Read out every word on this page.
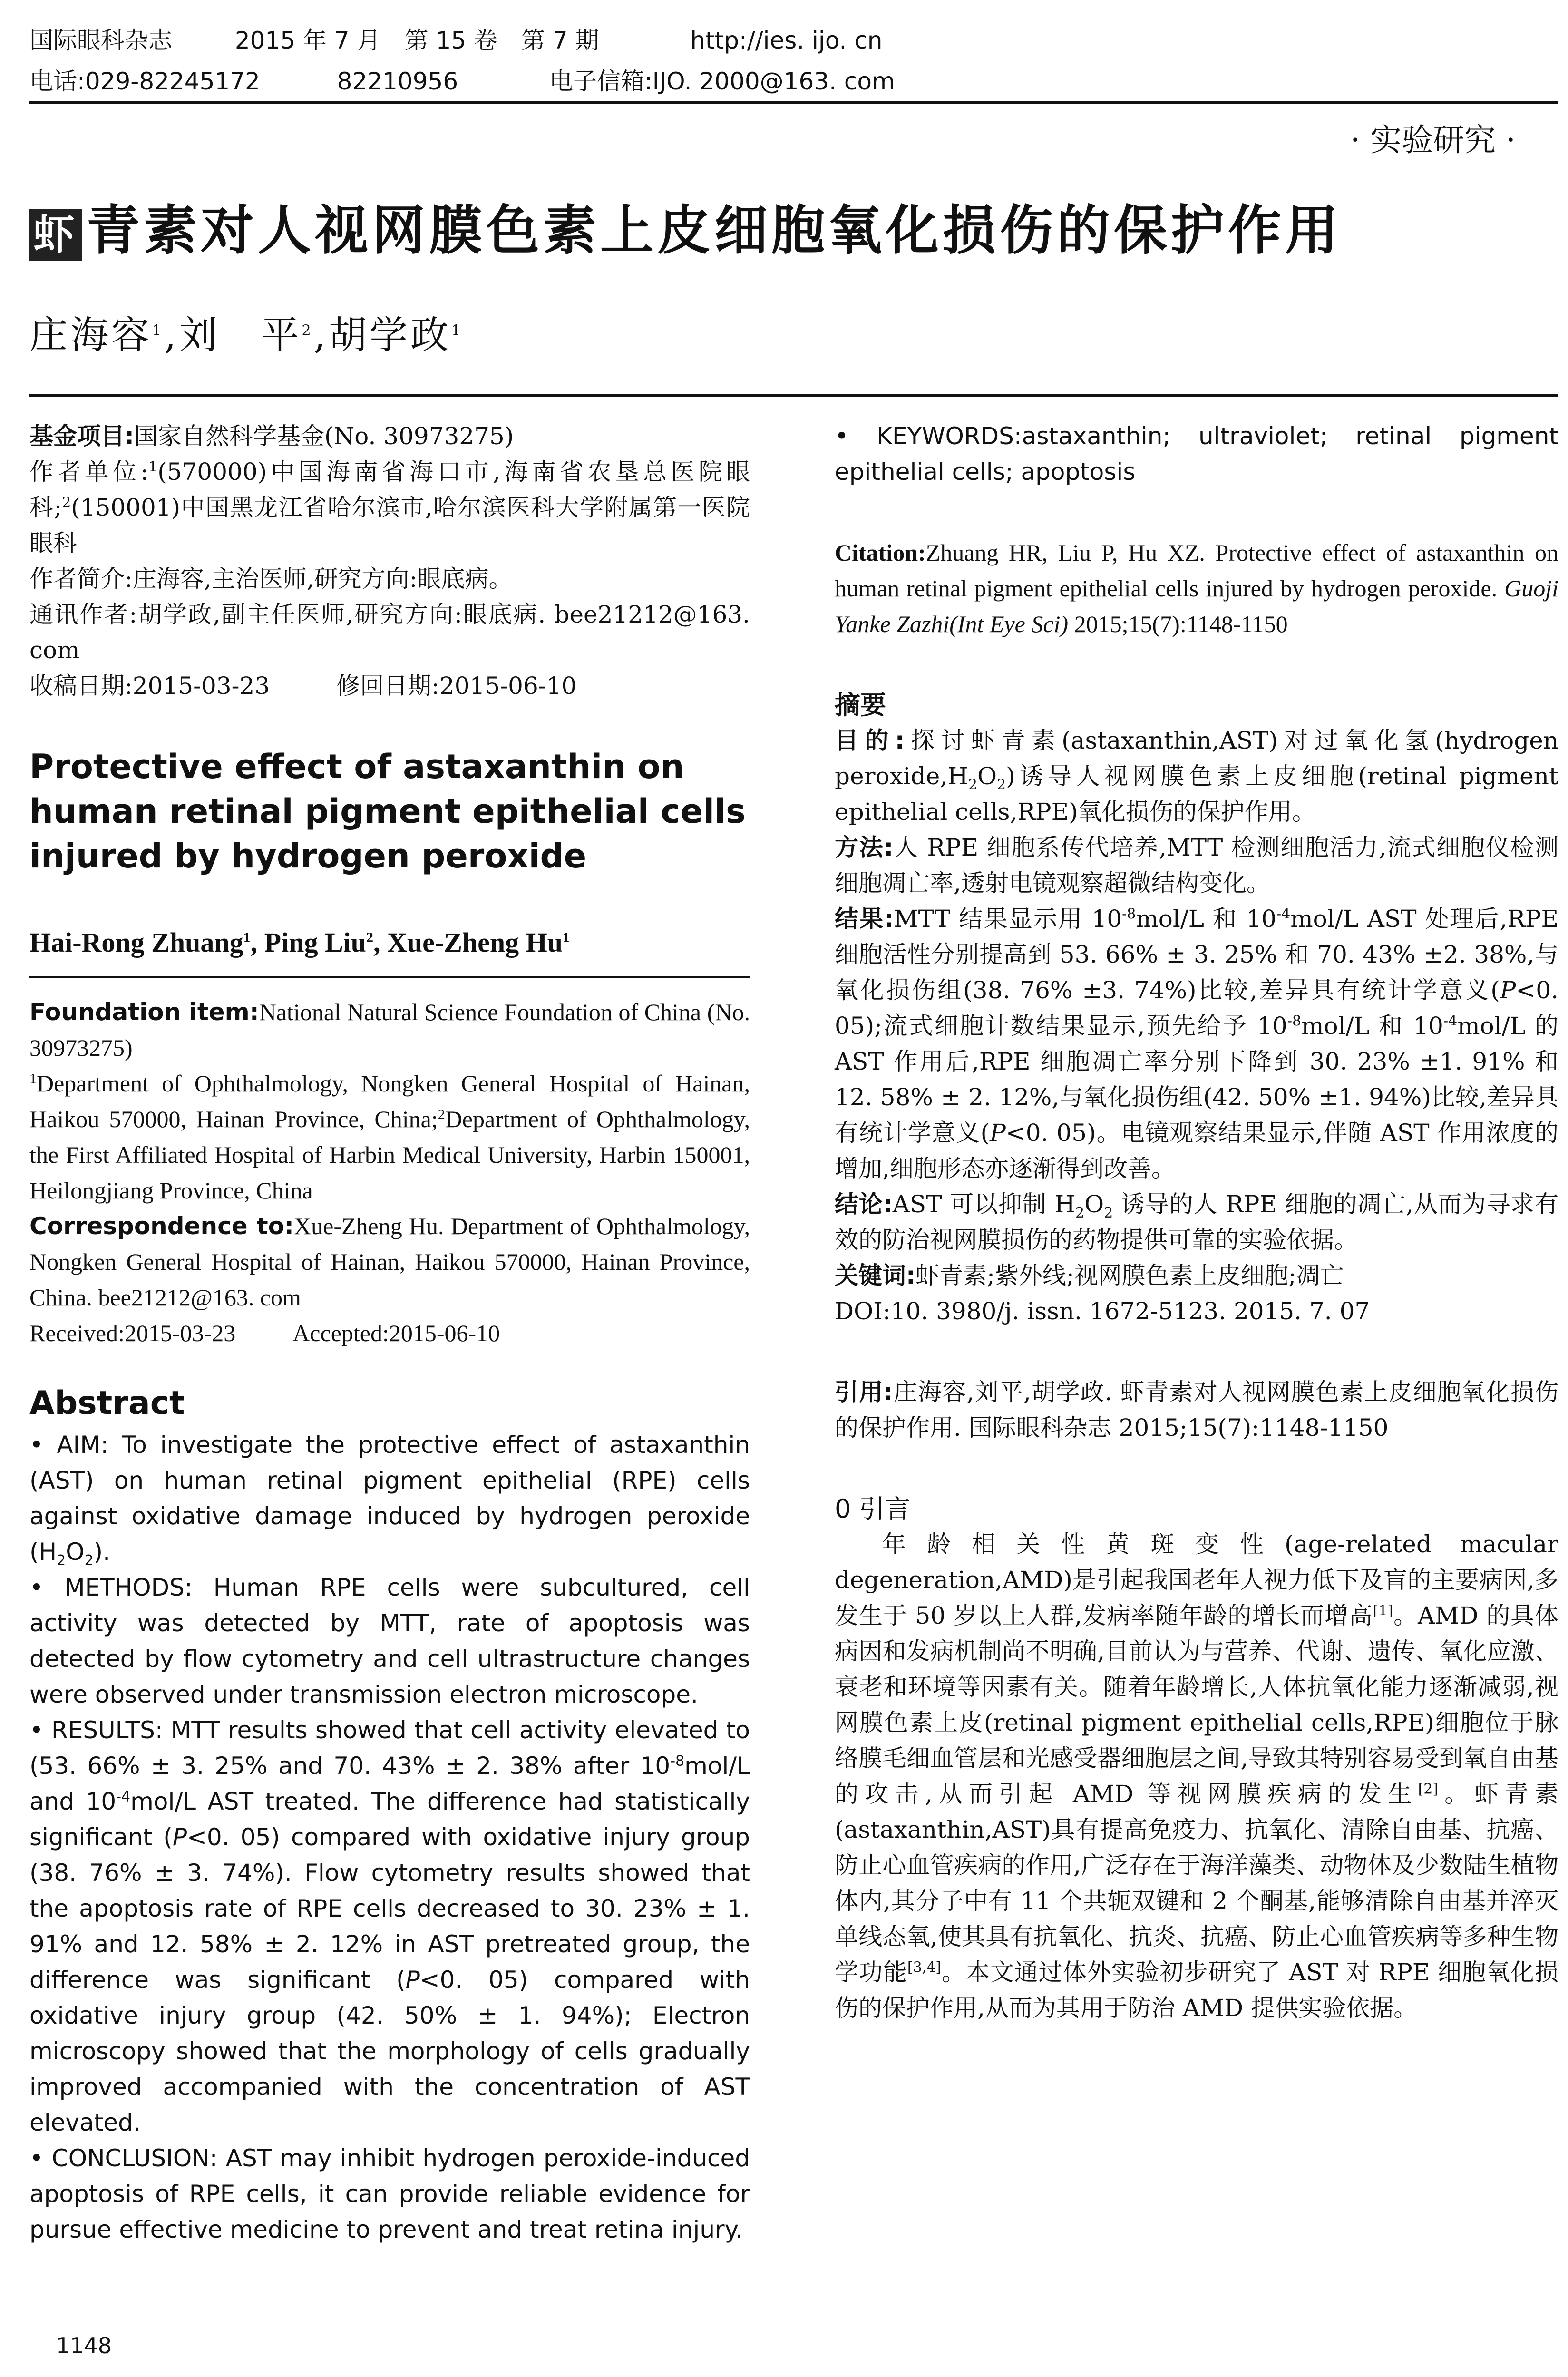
国际眼科杂志	2015 年 7 月　第 15 卷　第 7 期	http://ies. ijo. cn
电话:029-82245172	82210956	电子信箱:IJO. 2000@163. com
· 实验研究 ·
虾 青素对人视网膜色素上皮细胞氧化损伤的保护作用
庄海容$^1$,刘　平$^2$,胡学政$^1$

基金项目:国家自然科学基金(No. 30973275)

作者单位:$^1$(570000)中国海南省海口市,海南省农垦总医院眼科;$^2$(150001)中国黑龙江省哈尔滨市,哈尔滨医科大学附属第一医院眼科

作者简介:庄海容,主治医师,研究方向:眼底病。

通讯作者:胡学政,副主任医师,研究方向:眼底病. bee21212@163. com

收稿日期:2015-03-23	修回日期:2015-06-10

Protective effect of astaxanthin on human retinal pigment epithelial cells injured by hydrogen peroxide

Hai-Rong Zhuang$^1$, Ping Liu$^2$, Xue-Zheng Hu$^1$

Foundation item:National Natural Science Foundation of China (No. 30973275)

$^1$Department of Ophthalmology, Nongken General Hospital of Hainan, Haikou 570000, Hainan Province, China;$^2$Department of Ophthalmology, the First Affiliated Hospital of Harbin Medical University, Harbin 150001, Heilongjiang Province, China

Correspondence to:Xue-Zheng Hu. Department of Ophthalmology, Nongken General Hospital of Hainan, Haikou 570000, Hainan Province, China. bee21212@163. com

Received:2015-03-23 Accepted:2015-06-10

Abstract

• AIM: To investigate the protective effect of astaxanthin (AST) on human retinal pigment epithelial (RPE) cells against oxidative damage induced by hydrogen peroxide $(H_2O_2)$.

• METHODS: Human RPE cells were subcultured, cell activity was detected by MTT, rate of apoptosis was detected by flow cytometry and cell ultrastructure changes were observed under transmission electron microscope.

• RESULTS: MTT results showed that cell activity elevated to (53. 66% ± 3. 25% and 70. 43% ± 2. 38% after $10^{-8}mol/L$ and $10^{-4}mol/L$ AST treated. The difference had statistically significant (P<0. 05) compared with oxidative injury group (38. 76% ± 3. 74%). Flow cytometry results showed that the apoptosis rate of RPE cells decreased to 30. 23% ± 1. 91% and 12. 58% ± 2. 12% in AST pretreated group, the difference was significant (P<0. 05) compared with oxidative injury group (42. 50% ± 1. 94%); Electron microscopy showed that the morphology of cells gradually improved accompanied with the concentration of AST elevated.

• CONCLUSION: AST may inhibit hydrogen peroxide-induced apoptosis of RPE cells, it can provide reliable evidence for pursue effective medicine to prevent and treat retina injury.

1148

• KEYWORDS:astaxanthin; ultraviolet; retinal pigment epithelial cells; apoptosis

Citation:Zhuang HR, Liu P, Hu XZ. Protective effect of astaxanthin on human retinal pigment epithelial cells injured by hydrogen peroxide. Guoji Yanke Zazhi(Int Eye Sci) 2015;15(7):1148-1150

摘要

目的:探讨虾青素(astaxanthin,AST)对过氧化氢(hydrogen $peroxide,H_2O_2$)诱导人视网膜色素上皮细胞(retinal pigment epithelial cells,RPE)氧化损伤的保护作用。

方法:人 RPE 细胞系传代培养,MTT 检测细胞活力,流式细胞仪检测细胞凋亡率,透射电镜观察超微结构变化。

结果:MTT 结果显示用 $10^{-8}mol/L$ 和 $10^{-4}mol/L$ AST 处理后,RPE 细胞活性分别提高到 53. 66% ± 3. 25% 和 70. 43% ±2. 38%,与氧化损伤组(38. 76% ±3. 74%)比较,差异具有统计学意义(P<0. 05);流式细胞计数结果显示,预先给予 $10^{-8}mol/L$ 和 $10^{-4}mol/L$ 的 AST 作用后,RPE 细胞凋亡率分别下降到 30. 23% ±1. 91% 和 12. 58% ± 2. 12%,与氧化损伤组(42. 50% ±1. 94%)比较,差异具有统计学意义(P<0. 05)。电镜观察结果显示,伴随 AST 作用浓度的增加,细胞形态亦逐渐得到改善。

结论:AST 可以抑制 $H_2O_2$ 诱导的人 RPE 细胞的凋亡,从而为寻求有效的防治视网膜损伤的药物提供可靠的实验依据。

关键词:虾青素;紫外线;视网膜色素上皮细胞;凋亡

DOI:10. 3980/j. issn. 1672-5123. 2015. 7. 07

引用:庄海容,刘平,胡学政. 虾青素对人视网膜色素上皮细胞氧化损伤的保护作用. 国际眼科杂志 2015;15(7):1148-1150

0 引言

年龄相关性黄斑变性(age-related macular degeneration,AMD)是引起我国老年人视力低下及盲的主要病因,多发生于 50 岁以上人群,发病率随年龄的增长而增高[1]。AMD 的具体病因和发病机制尚不明确,目前认为与营养、代谢、遗传、氧化应激、衰老和环境等因素有关。随着年龄增长,人体抗氧化能力逐渐减弱,视网膜色素上皮(retinal pigment epithelial cells,RPE)细胞位于脉络膜毛细血管层和光感受器细胞层之间,导致其特别容易受到氧自由基的攻击,从而引起 AMD 等视网膜疾病的发生[2]。虾青素(astaxanthin,AST)具有提高免疫力、抗氧化、清除自由基、抗癌、防止心血管疾病的作用,广泛存在于海洋藻类、动物体及少数陆生植物体内,其分子中有 11 个共轭双键和 2 个酮基,能够清除自由基并淬灭单线态氧,使其具有抗氧化、抗炎、抗癌、防止心血管疾病等多种生物学功能[3,4]。本文通过体外实验初步研究了 AST 对 RPE 细胞氧化损伤的保护作用,从而为其用于防治 AMD 提供实验依据。
